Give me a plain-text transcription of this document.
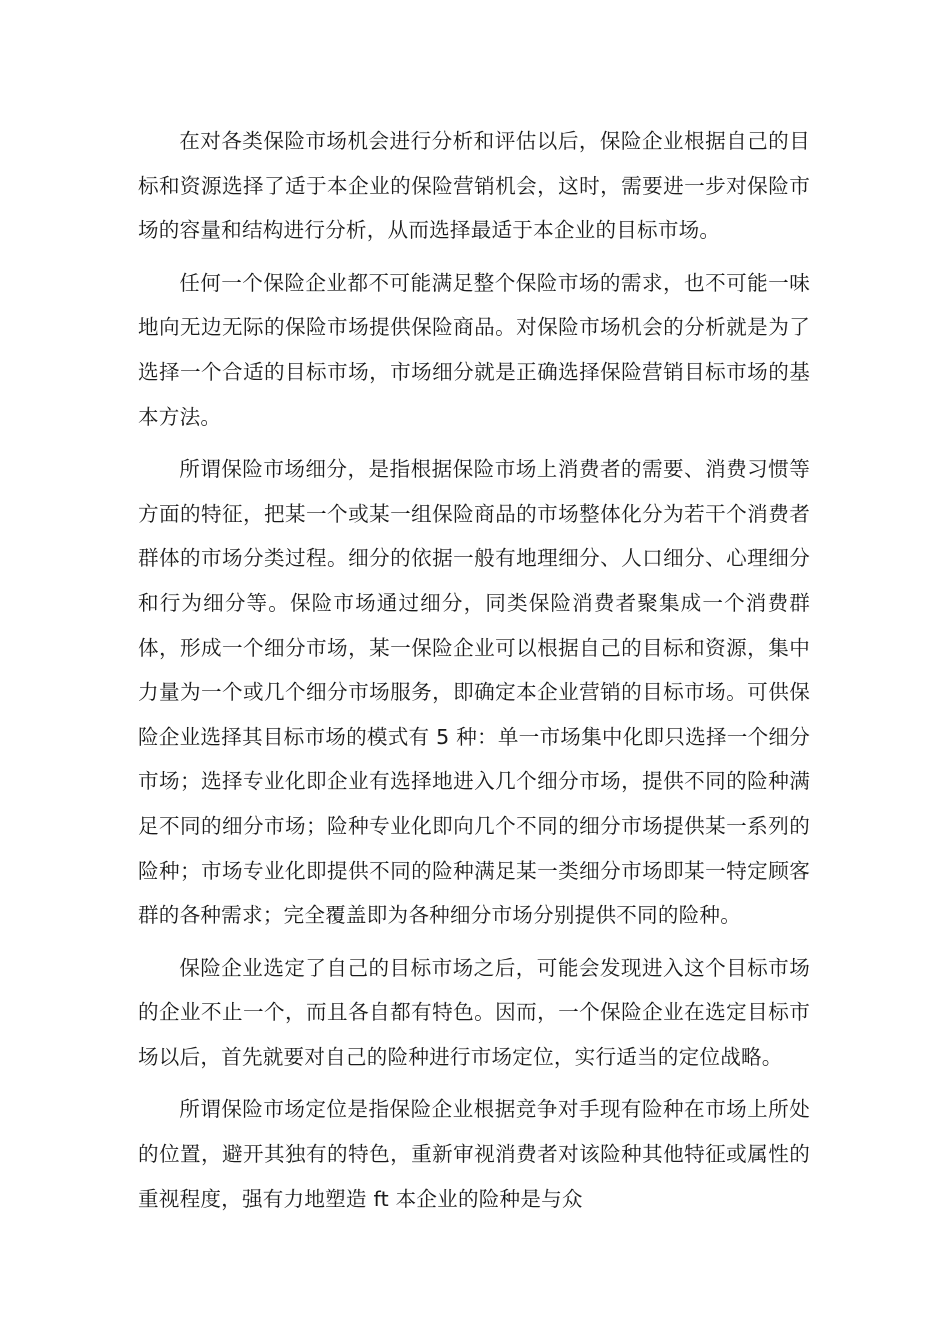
在对各类保险市场机会进行分析和评估以后，保险企业根据自己的目标和资源选择了适于本企业的保险营销机会，这时，需要进一步对保险市场的容量和结构进行分析，从而选择最适于本企业的目标市场。

任何一个保险企业都不可能满足整个保险市场的需求，也不可能一味地向无边无际的保险市场提供保险商品。对保险市场机会的分析就是为了选择一个合适的目标市场，市场细分就是正确选择保险营销目标市场的基本方法。

所谓保险市场细分，是指根据保险市场上消费者的需要、消费习惯等方面的特征，把某一个或某一组保险商品的市场整体化分为若干个消费者群体的市场分类过程。细分的依据一般有地理细分、人口细分、心理细分和行为细分等。保险市场通过细分，同类保险消费者聚集成一个消费群体，形成一个细分市场，某一保险企业可以根据自己的目标和资源，集中力量为一个或几个细分市场服务，即确定本企业营销的目标市场。可供保险企业选择其目标市场的模式有 5 种：单一市场集中化即只选择一个细分市场；选择专业化即企业有选择地进入几个细分市场，提供不同的险种满足不同的细分市场；险种专业化即向几个不同的细分市场提供某一系列的险种；市场专业化即提供不同的险种满足某一类细分市场即某一特定顾客群的各种需求；完全覆盖即为各种细分市场分别提供不同的险种。

保险企业选定了自己的目标市场之后，可能会发现进入这个目标市场的企业不止一个，而且各自都有特色。因而，一个保险企业在选定目标市场以后，首先就要对自己的险种进行市场定位，实行适当的定位战略。

所谓保险市场定位是指保险企业根据竞争对手现有险种在市场上所处的位置，避开其独有的特色，重新审视消费者对该险种其他特征或属性的重视程度，强有力地塑造 ft 本企业的险种是与众
